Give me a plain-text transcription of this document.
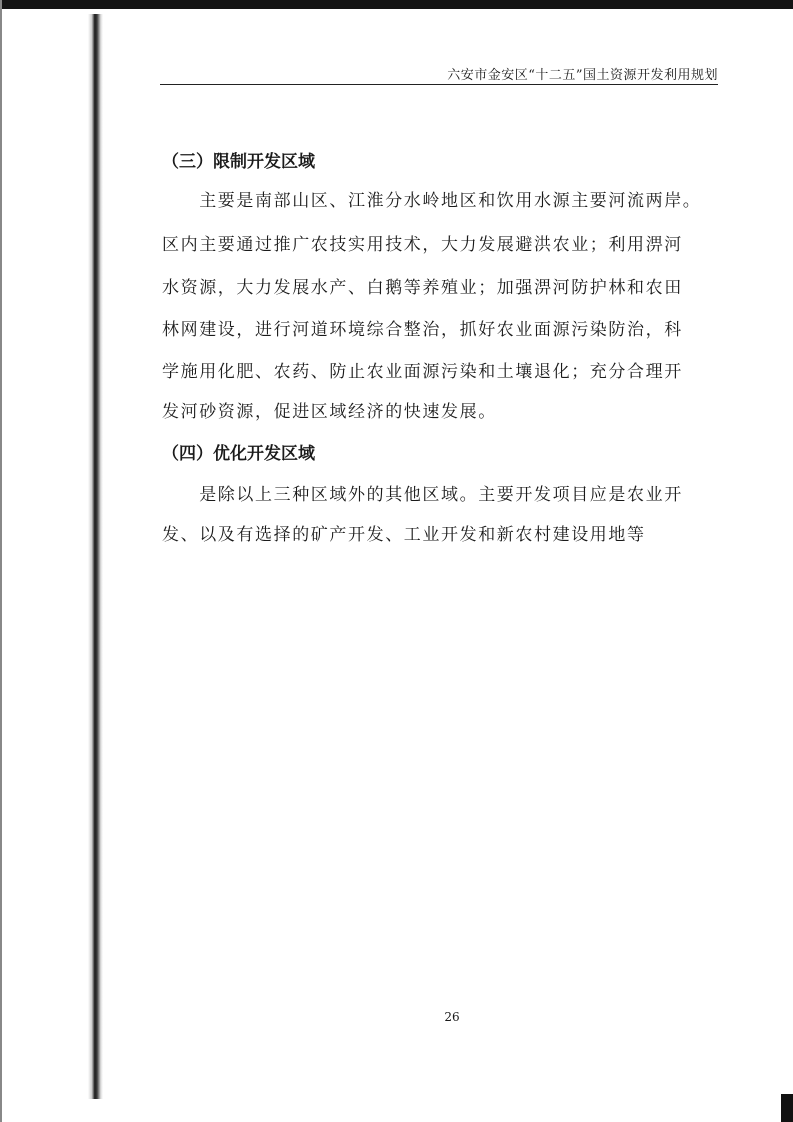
六安市金安区“十二五”国土资源开发利用规划
（三）限制开发区域
　　主要是南部山区、江淮分水岭地区和饮用水源主要河流两岸。
区内主要通过推广农技实用技术，大力发展避洪农业；利用淠河
水资源，大力发展水产、白鹅等养殖业；加强淠河防护林和农田
林网建设，进行河道环境综合整治，抓好农业面源污染防治，科
学施用化肥、农药、防止农业面源污染和土壤退化；充分合理开
发河砂资源，促进区域经济的快速发展。
（四）优化开发区域
　　是除以上三种区域外的其他区域。主要开发项目应是农业开
发、以及有选择的矿产开发、工业开发和新农村建设用地等
26
